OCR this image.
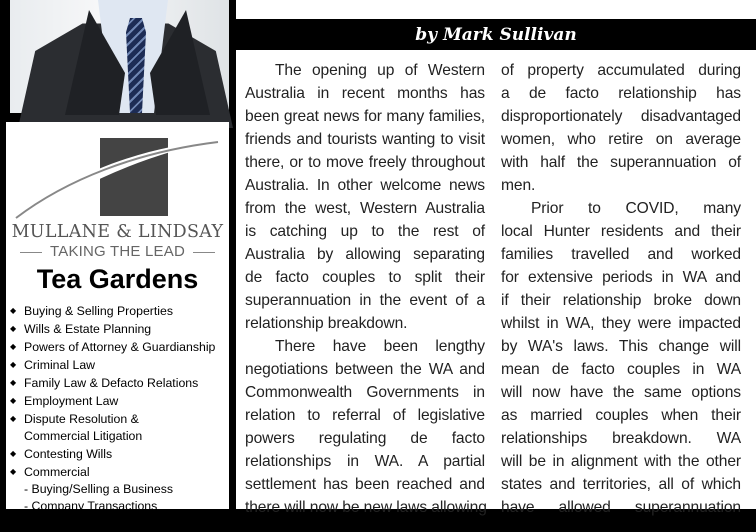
MULLANE & LINDSAY
TAKING THE LEAD
Tea Gardens
◆ Buying & Selling Properties
◆ Wills & Estate Planning
◆ Powers of Attorney & Guardianship
◆ Criminal Law
◆ Family Law & Defacto Relations
◆ Employment Law
◆ Dispute Resolution &
Commercial Litigation
◆ Contesting Wills
◆ Commercial
- Buying/Selling a Business
- Company Transactions
- Leasing
by Mark Sullivan
The opening up of Western
Australia in recent months has
been great news for many families,
friends and tourists wanting to visit
there, or to move freely throughout
Australia. In other welcome news
from the west, Western Australia
is catching up to the rest of
Australia by allowing separating
de facto couples to split their
superannuation in the event of a
relationship breakdown.
There have been lengthy
negotiations between the WA and
Commonwealth Governments in
relation to referral of legislative
powers regulating de facto
relationships in WA. A partial
settlement has been reached and
there will now be new laws allowing
of property accumulated during
a de facto relationship has
disproportionately disadvantaged
women, who retire on average
with half the superannuation of
men.
Prior to COVID, many
local Hunter residents and their
families travelled and worked
for extensive periods in WA and
if their relationship broke down
whilst in WA, they were impacted
by WA's laws. This change will
mean de facto couples in WA
will now have the same options
as married couples when their
relationships breakdown. WA
will be in alignment with the other
states and territories, all of which
have allowed superannuation
